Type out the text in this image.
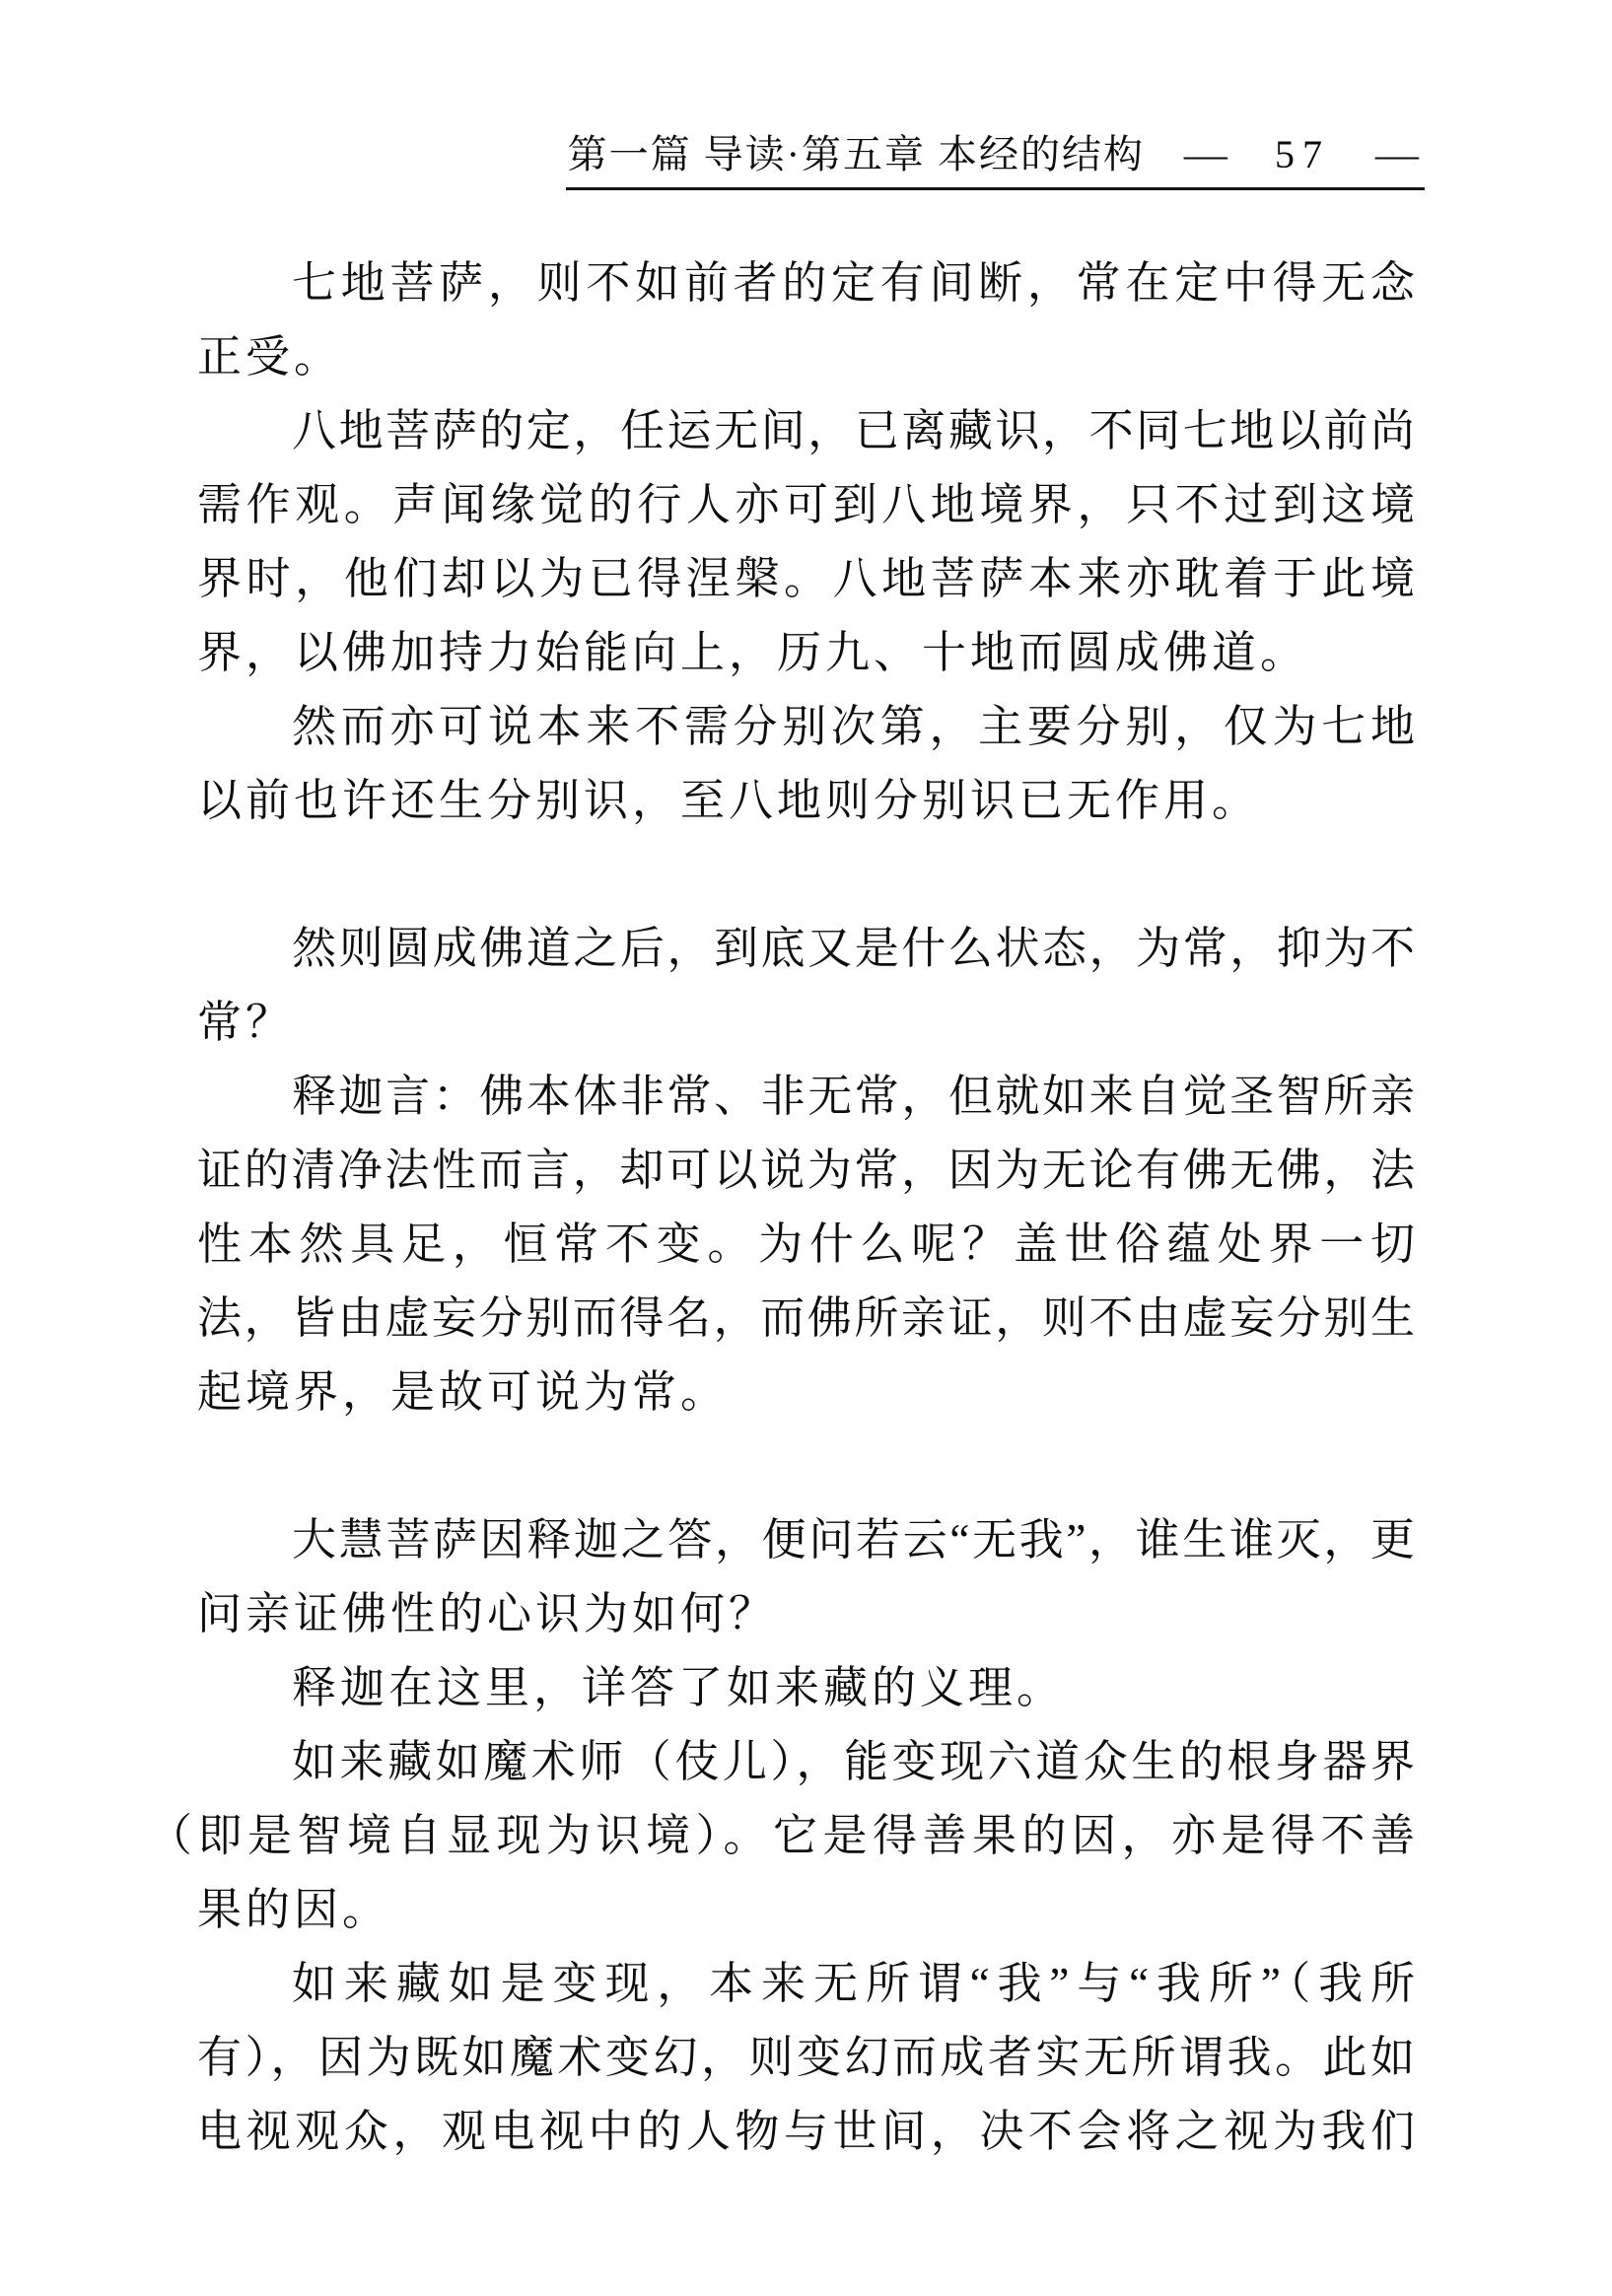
第一篇 导读·第五章 本经的结构 — 57 —
七地菩萨，则不如前者的定有间断，常在定中得无念
正受。
八地菩萨的定，任运无间，已离藏识，不同七地以前尚
需作观。声闻缘觉的行人亦可到八地境界，只不过到这境
界时，他们却以为已得涅槃。八地菩萨本来亦耽着于此境
界，以佛加持力始能向上，历九、十地而圆成佛道。
然而亦可说本来不需分别次第，主要分别，仅为七地
以前也许还生分别识，至八地则分别识已无作用。
然则圆成佛道之后，到底又是什么状态，为常，抑为不
常？
释迦言：佛本体非常、非无常，但就如来自觉圣智所亲
证的清净法性而言，却可以说为常，因为无论有佛无佛，法
性本然具足，恒常不变。为什么呢？盖世俗蕴处界一切
法，皆由虚妄分别而得名，而佛所亲证，则不由虚妄分别生
起境界，是故可说为常。
大慧菩萨因释迦之答，便问若云“无我”，谁生谁灭，更
问亲证佛性的心识为如何？
释迦在这里，详答了如来藏的义理。
如来藏如魔术师（伎儿），能变现六道众生的根身器界
（即是智境自显现为识境）。它是得善果的因，亦是得不善
果的因。
如来藏如是变现，本来无所谓“我”与“我所”（我所
有），因为既如魔术变幻，则变幻而成者实无所谓我。此如
电视观众，观电视中的人物与世间，决不会将之视为我们
